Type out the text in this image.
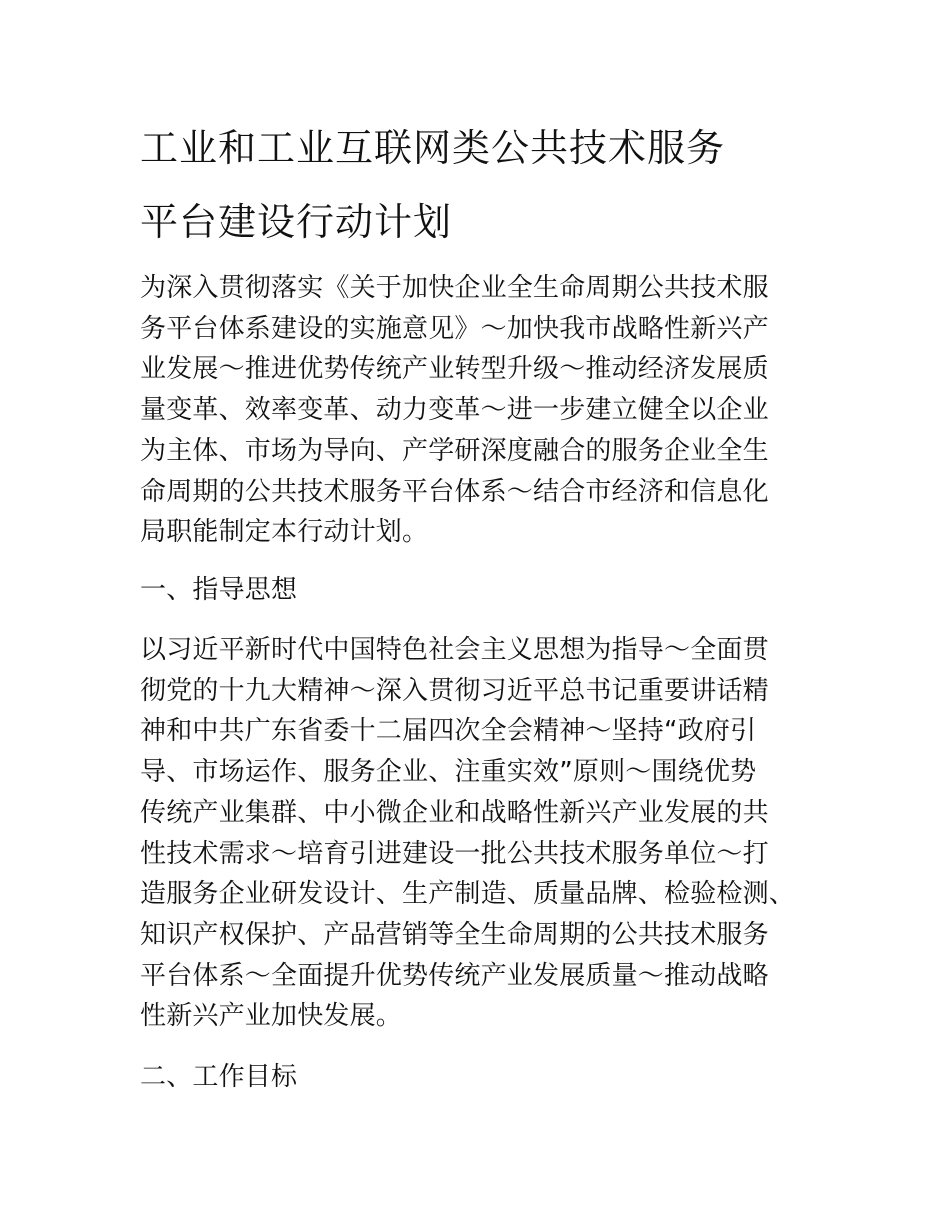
工业和工业互联网类公共技术服务
平台建设行动计划
为深入贯彻落实《关于加快企业全生命周期公共技术服
务平台体系建设的实施意见》～加快我市战略性新兴产
业发展～推进优势传统产业转型升级～推动经济发展质
量变革、效率变革、动力变革～进一步建立健全以企业
为主体、市场为导向、产学研深度融合的服务企业全生
命周期的公共技术服务平台体系～结合市经济和信息化
局职能制定本行动计划。
一、指导思想
以习近平新时代中国特色社会主义思想为指导～全面贯
彻党的十九大精神～深入贯彻习近平总书记重要讲话精
神和中共广东省委十二届四次全会精神～坚持“政府引
导、市场运作、服务企业、注重实效”原则～围绕优势
传统产业集群、中小微企业和战略性新兴产业发展的共
性技术需求～培育引进建设一批公共技术服务单位～打
造服务企业研发设计、生产制造、质量品牌、检验检测、
知识产权保护、产品营销等全生命周期的公共技术服务
平台体系～全面提升优势传统产业发展质量～推动战略
性新兴产业加快发展。
二、工作目标
